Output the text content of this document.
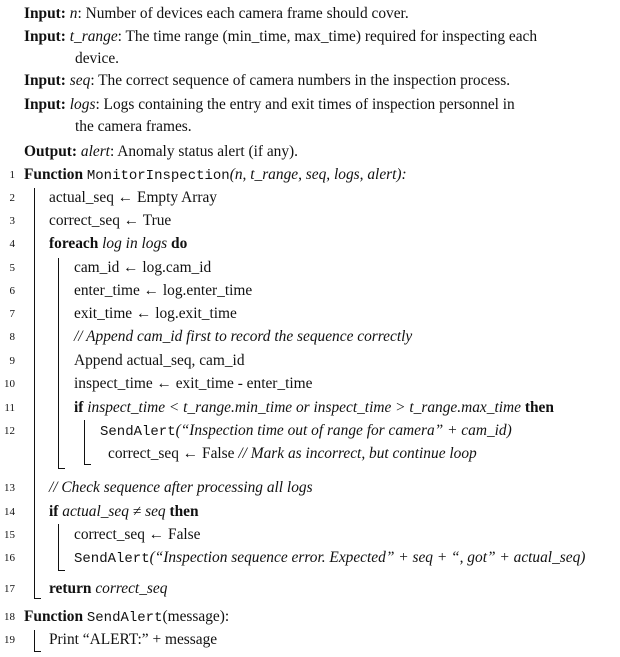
Input: n: Number of devices each camera frame should cover.
Input: t_range: The time range (min_time, max_time) required for inspecting each
device.
Input: seq: The correct sequence of camera numbers in the inspection process.
Input: logs: Logs containing the entry and exit times of inspection personnel in
the camera frames.
Output: alert: Anomaly status alert (if any).
1 Function MonitorInspection(n, t_range, seq, logs, alert):
2 actual_seq ← Empty Array
3 correct_seq ← True
4 foreach log in logs do
5	cam_id ← log.cam_id
6	enter_time ← log.enter_time
7	exit_time ← log.exit_time
8	// Append cam_id first to record the sequence correctly
9	Append actual_seq, cam_id
10	inspect_time ← exit_time - enter_time
11	if inspect_time < t_range.min_time or inspect_time > t_range.max_time then
12	SendAlert(“Inspection time out of range for camera” + cam_id)
correct_seq ← False // Mark as incorrect, but continue loop
13 // Check sequence after processing all logs
14 if actual_seq ≠ seq then
15	correct_seq ← False
16	SendAlert(“Inspection sequence error. Expected” + seq + “, got” + actual_seq)
17 return correct_seq
18 Function SendAlert(message):
19 Print “ALERT:” + message
